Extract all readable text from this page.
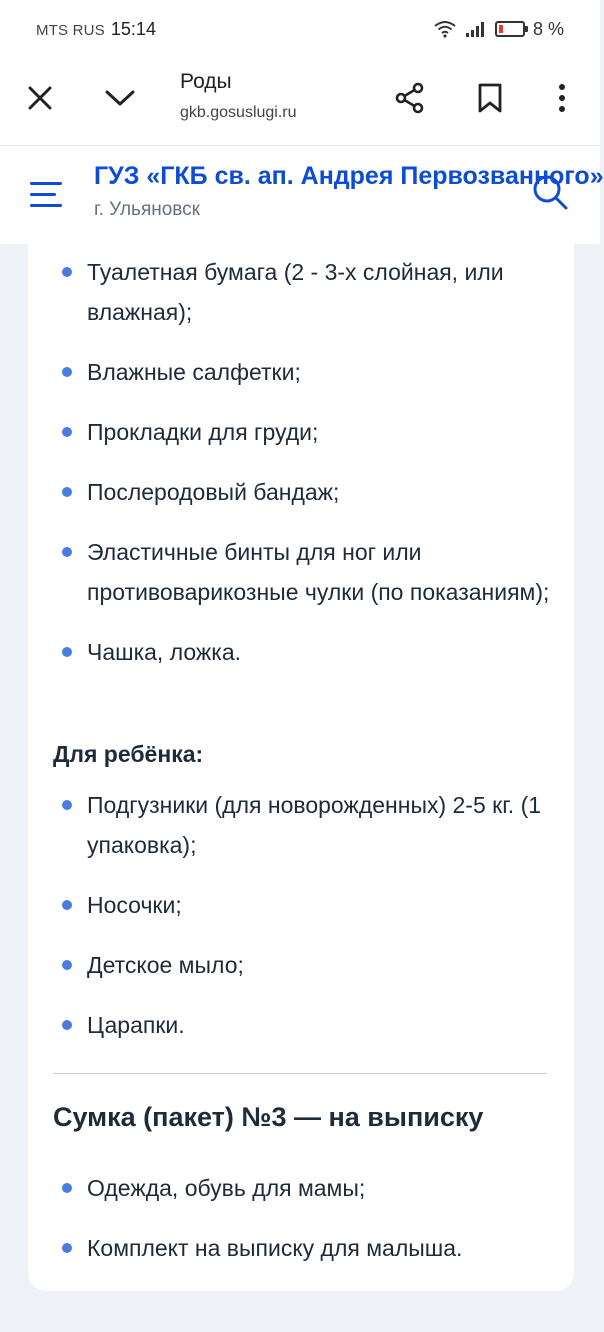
MTS RUS 15:14	8 %
Роды
gkb.gosuslugi.ru
ГУЗ «ГКБ св. ап. Андрея Первозванного»
г. Ульяновск
Туалетная бумага (2 - 3-х слойная, или влажная);
Влажные салфетки;
Прокладки для груди;
Послеродовый бандаж;
Эластичные бинты для ног или противоварикозные чулки (по показаниям);
Чашка, ложка.
Для ребёнка:
Подгузники (для новорожденных) 2-5 кг. (1 упаковка);
Носочки;
Детское мыло;
Царапки.
Сумка (пакет) №3 — на выписку
Одежда, обувь для мамы;
Комплект на выписку для малыша.
